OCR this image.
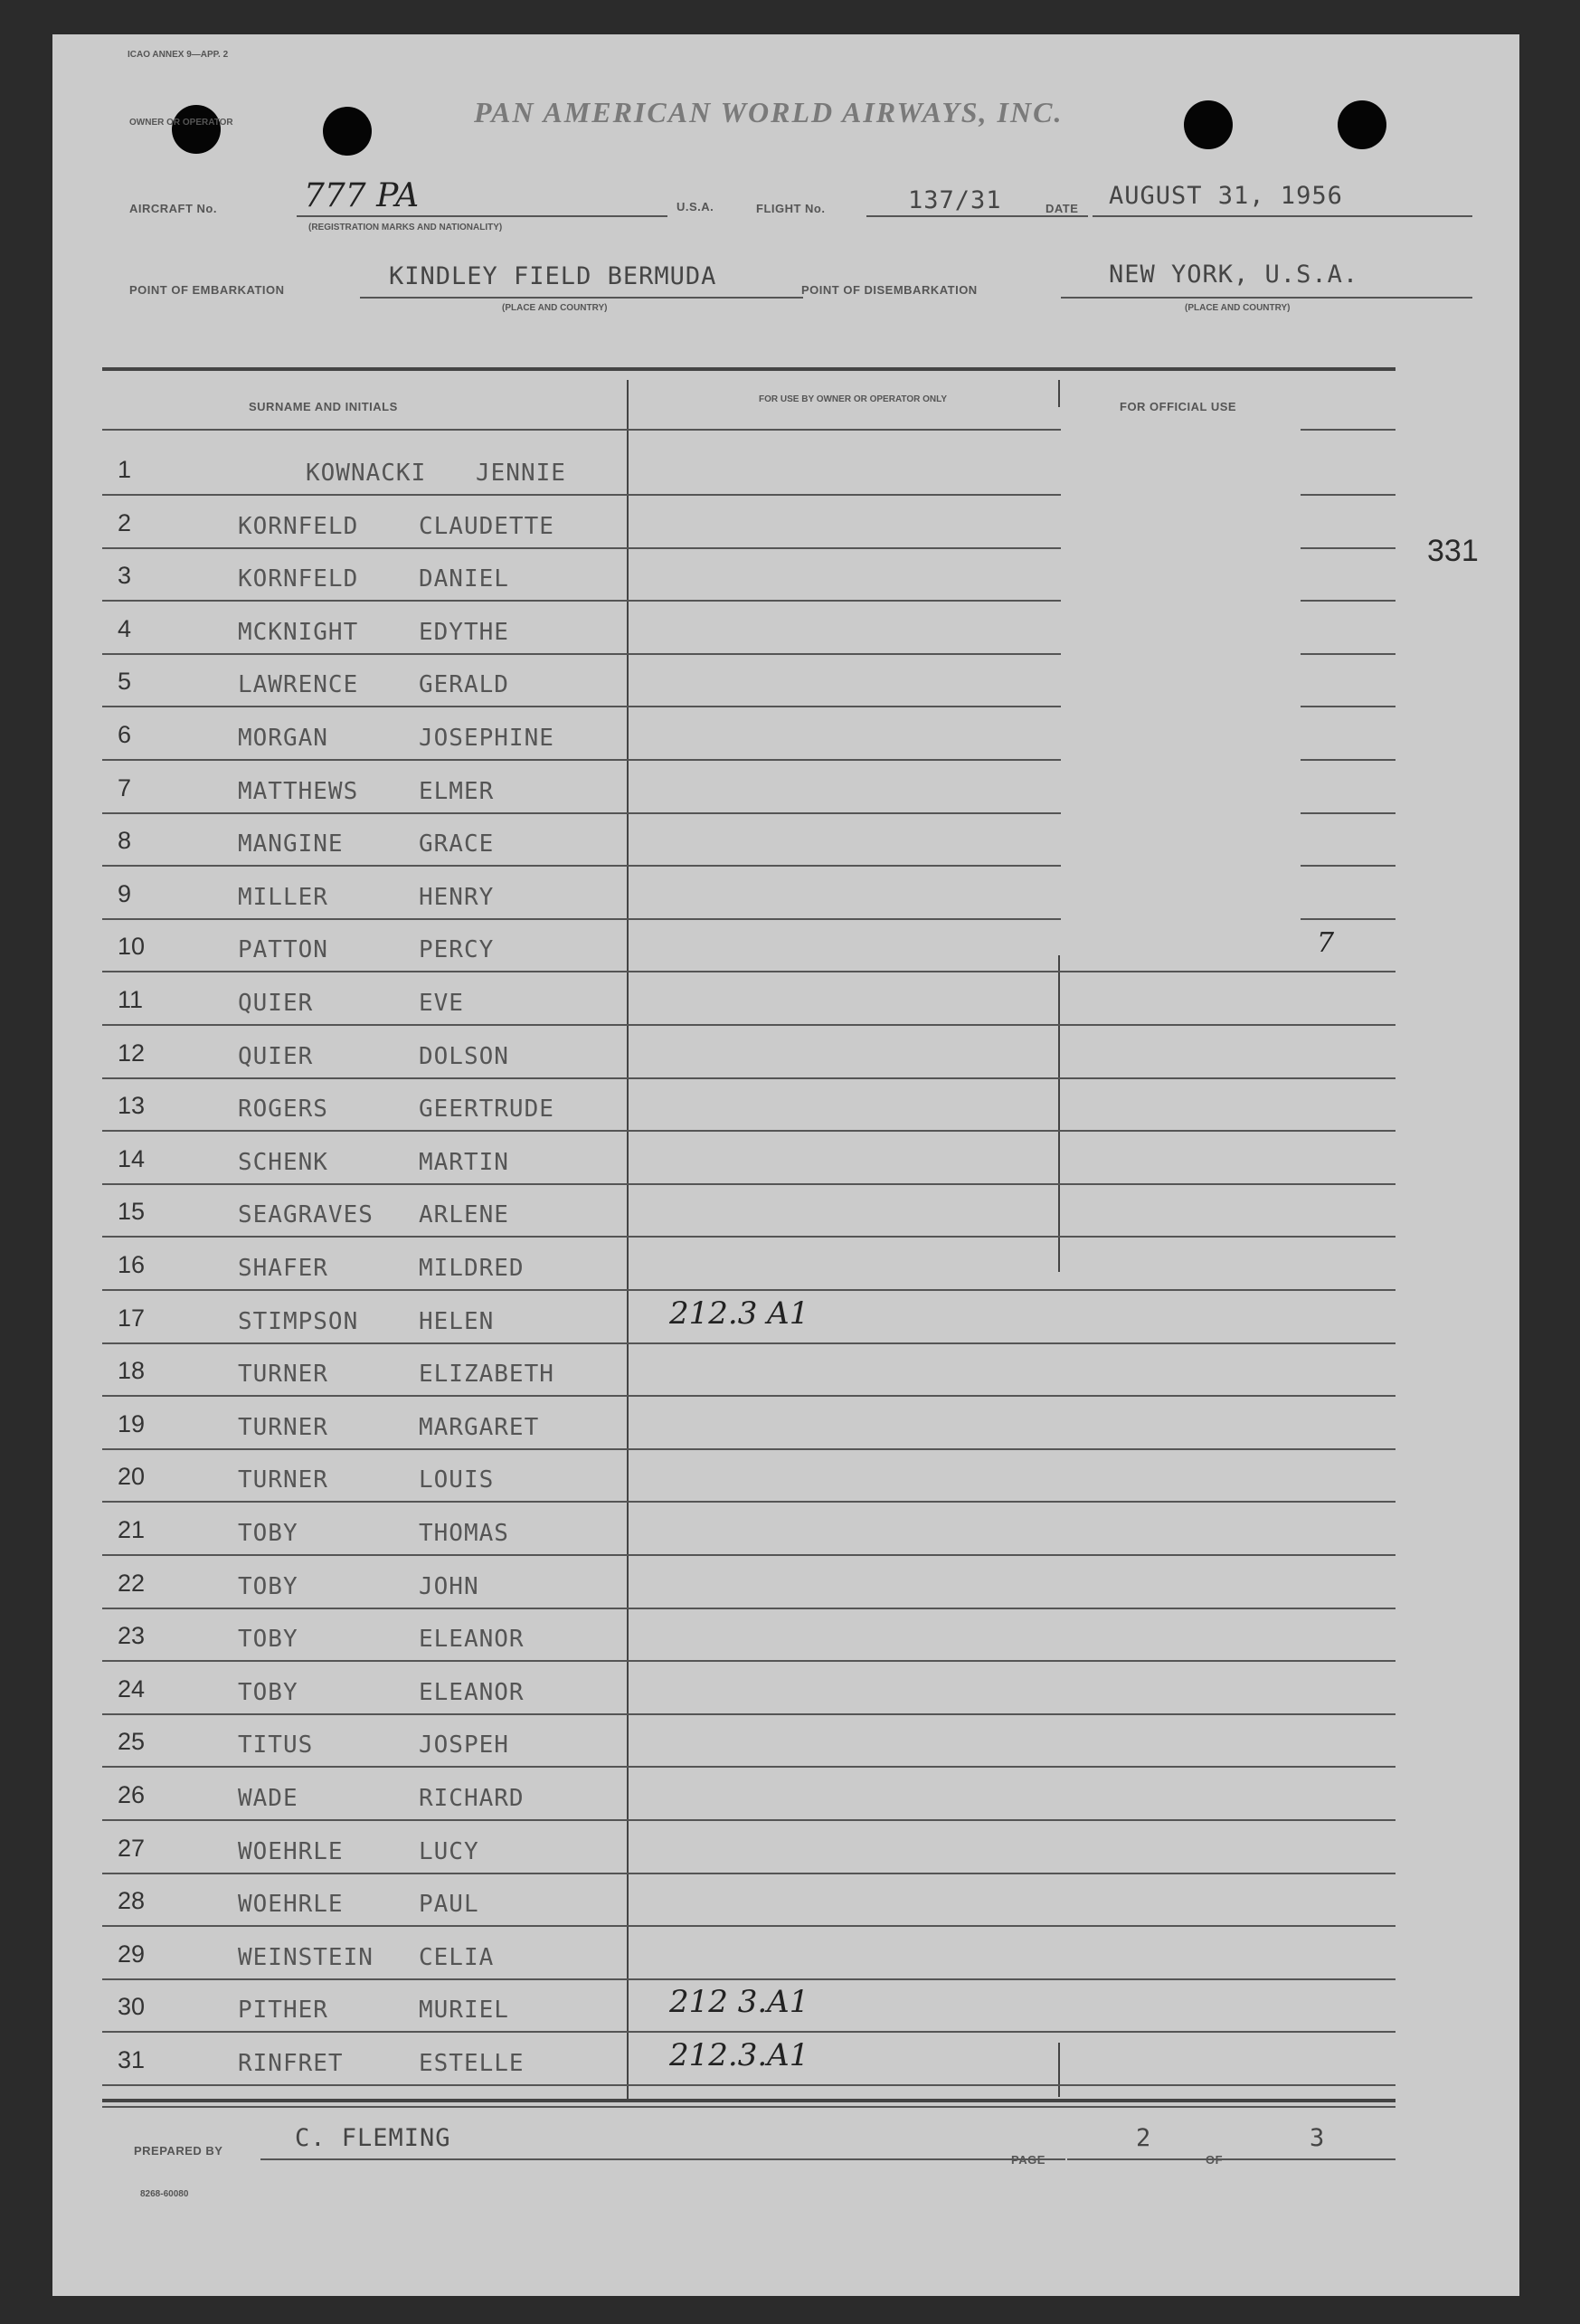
ICAO ANNEX 9—APP. 2
OWNER OR OPERATOR	PAN AMERICAN WORLD AIRWAYS, INC.
AIRCRAFT No.	777 PA
(REGISTRATION MARKS AND NATIONALITY)
U.S.A.	FLIGHT No.	137/31	DATE AUGUST 31, 1956
POINT OF EMBARKATION	KINDLEY FIELD BERMUDA
(PLACE AND COUNTRY)
POINT OF DISEMBARKATION
NEW YORK, U.S.A.
(PLACE AND COUNTRY)
331
SURNAME AND INITIALS
FOR USE BY OWNER OR OPERATOR ONLY
FOR OFFICIAL USE
1	KOWNACKI JENNIE
2	KORNFELD	CLAUDETTE
3	KORNFELD	DANIEL
4	MCKNIGHT	EDYTHE
5	LAWRENCE	GERALD
6	MORGAN	JOSEPHINE
7	MATTHEWS	ELMER
8	MANGINE	GRACE
9	MILLER	HENRY
10	PATTON	PERCY	7
11	QUIER	EVE
12	QUIER	DOLSON
13	ROGERS	GEERTRUDE
14	SCHENK	MARTIN
15	SEAGRAVES ARLENE
16	SHAFER	MILDRED
17	STIMPSON	HELEN	212.3 A1
18	TURNER	ELIZABETH
19	TURNER	MARGARET
20	TURNER	LOUIS
21	TOBY	THOMAS
22	TOBY	JOHN
23	TOBY	ELEANOR
24	TOBY	ELEANOR
25	TITUS	JOSPEH
26	WADE	RICHARD
27	WOEHRLE	LUCY
28	WOEHRLE	PAUL
29	WEINSTEIN CELIA
30	PITHER	MURIEL	212 3.A1
31	RINFRET	ESTELLE	212.3.A1
PREPARED BY	C. FLEMING
PAGE
2
OF
3
8268-60080
